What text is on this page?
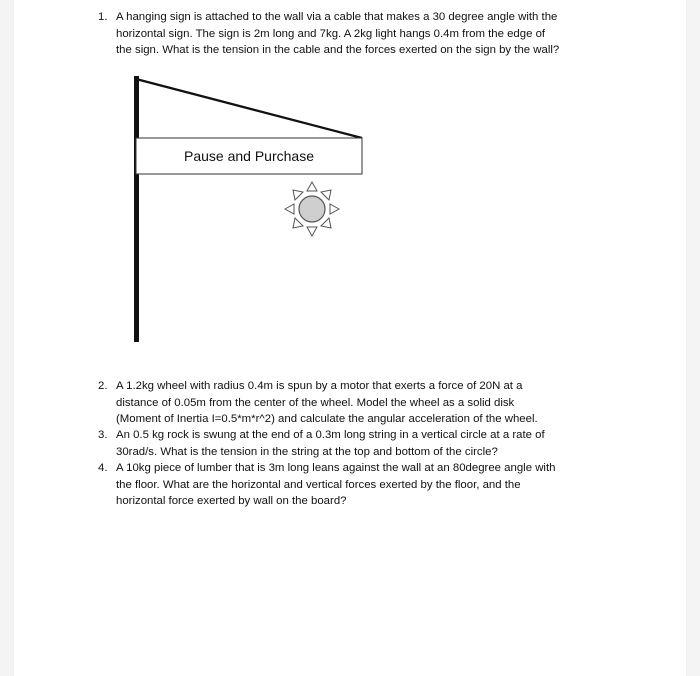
1. A hanging sign is attached to the wall via a cable that makes a 30 degree angle with the
horizontal sign. The sign is 2m long and 7kg. A 2kg light hangs 0.4m from the edge of
the sign. What is the tension in the cable and the forces exerted on the sign by the wall?
Pause and Purchase
2. A 1.2kg wheel with radius 0.4m is spun by a motor that exerts a force of 20N at a
distance of 0.05m from the center of the wheel. Model the wheel as a solid disk
(Moment of Inertia I=0.5*m*r^2) and calculate the angular acceleration of the wheel.
3. An 0.5 kg rock is swung at the end of a 0.3m long string in a vertical circle at a rate of
30rad/s. What is the tension in the string at the top and bottom of the circle?
4. A 10kg piece of lumber that is 3m long leans against the wall at an 80degree angle with
the floor. What are the horizontal and vertical forces exerted by the floor, and the
horizontal force exerted by wall on the board?
